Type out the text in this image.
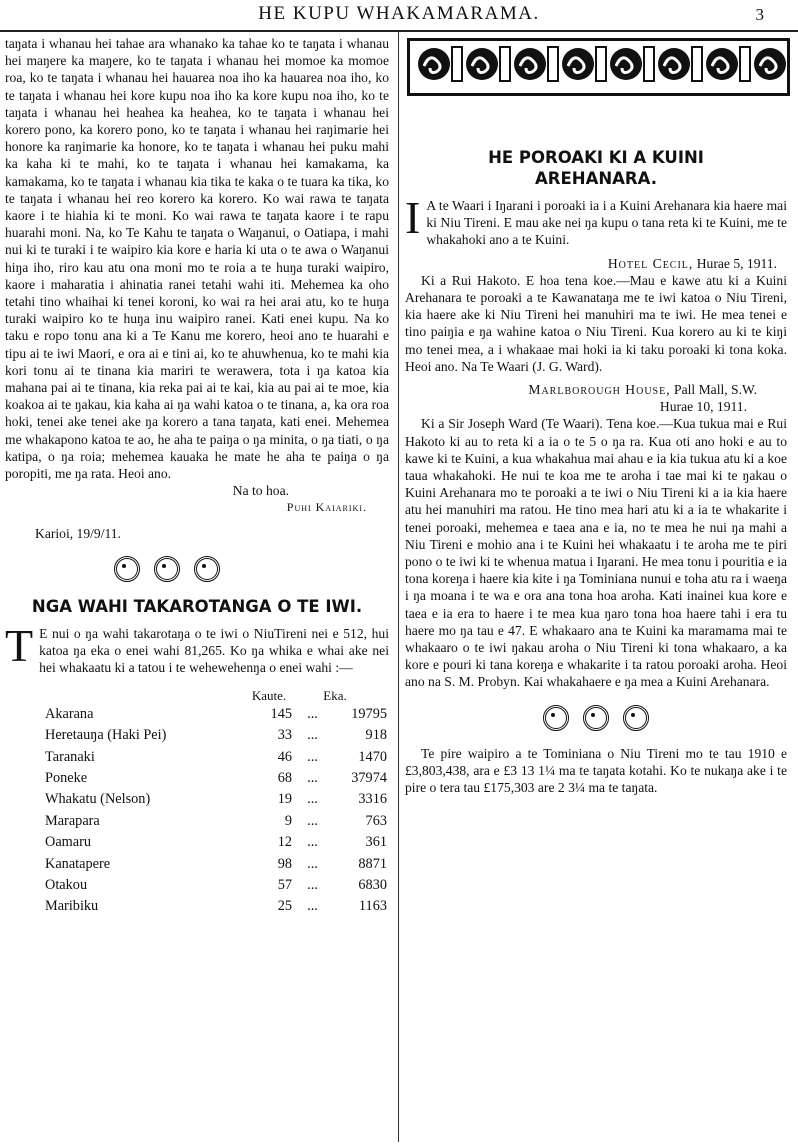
HE KUPU WHAKAMARAMA.	3

taŋata i whanau hei tahae ara whanako ka tahae ko te taŋata i whanau hei maŋere ka maŋere, ko te taŋata i whanau hei momoe ka momoe roa, ko te taŋata i whanau hei hauarea noa iho ka hauarea noa iho, ko te taŋata i whanau hei kore kupu noa iho ka kore kupu noa iho, ko te taŋata i whanau hei heahea ka heahea, ko te taŋata i whanau hei korero pono, ka korero pono, ko te taŋata i whanau hei raŋimarie hei honore ka raŋimarie ka honore, ko te taŋata i whanau hei puku mahi ka kaha ki te mahi, ko te taŋata i whanau hei kamakama, ka kamakama, ko te taŋata i whanau kia tika te kaka o te tuara ka tika, ko te taŋata i whanau hei reo korero ka korero. Ko wai rawa te taŋata kaore i te hiahia ki te moni. Ko wai rawa te taŋata kaore i te rapu huarahi moni. Na, ko Te Kahu te taŋata o Waŋanui, o Oatiapa, i mahi nui ki te turaki i te waipiro kia kore e haria ki uta o te awa o Waŋanui hiŋa iho, riro kau atu ona moni mo te roia a te huŋa turaki waipiro, kaore i maharatia i ahinatia ranei tetahi wahi iti. Mehemea ka oho tetahi tino whaihai ki tenei koroni, ko wai ra hei arai atu, ko te huŋa turaki waipiro ko te huŋa inu waipiro ranei. Kati enei kupu. Na ko taku e ropo tonu ana ki a Te Kanu me korero, heoi ano te huarahi e tipu ai te iwi Maori, e ora ai e tini ai, ko te ahuwhenua, ko te mahi kia kori tonu ai te tinana kia mariri te werawera, tota i ŋa katoa kia mahana pai ai te tinana, kia reka pai ai te kai, kia au pai ai te moe, kia koakoa ai te ŋakau, kia kaha ai ŋa wahi katoa o te tinana, a, ka ora roa hoki, tenei ake tenei ake ŋa korero a tana taŋata, kati enei. Mehemea me whakapono katoa te ao, he aha te paiŋa o ŋa minita, o ŋa tiati, o ŋa katipa, o ŋa roia; mehemea kauaka he mate he aha te paiŋa o ŋa poropiti, me ŋa rata. Heoi ano.

Na to hoa.

Puhi Kaiariki.

Karioi, 19/9/11.

NGA WAHI TAKAROTANGA O TE IWI.

T E nui o ŋa wahi takarotaŋa o te iwi o NiuTireni nei e 512, hui katoa ŋa eka o enei wahi 81,265. Ko ŋa whika e whai ake nei hei whakaatu ki a tatou i te wehewehenŋa o enei wahi :—

Kaute.	Eka.
Akarana	145	...	19795
Heretauŋa (Haki Pei)	33	...	918
Taranaki	46	...	1470
Poneke	68	...	37974
Whakatu (Nelson)	19	...	3316
Marapara	9	...	763
Oamaru	12	...	361
Kanatapere	98	...	8871
Otakou	57	...	6830
Maribiku	25	...	1163
HE POROAKI KI A KUINI
AREHANARA.

I A te Waari i Iŋarani i poroaki ia i a Kuini Arehanara kia haere mai ki Niu Tireni. E mau ake nei ŋa kupu o tana reta ki te Kuini, me te whakahoki ano a te Kuini.

Hotel Cecil, Hurae 5, 1911.

Ki a Rui Hakoto. E hoa tena koe.—Mau e kawe atu ki a Kuini Arehanara te poroaki a te Kawanataŋa me te iwi katoa o Niu Tireni, kia haere ake ki Niu Tireni hei manuhiri ma te iwi. He mea tenei e tino paiŋia e ŋa wahine katoa o Niu Tireni. Kua korero au ki te kiŋi mo tenei mea, a i whakaae mai hoki ia ki taku poroaki ki tona koka. Heoi ano. Na Te Waari (J. G. Ward).

Marlborough House, Pall Mall, S.W.

Hurae 10, 1911.

Ki a Sir Joseph Ward (Te Waari). Tena koe.—Kua tukua mai e Rui Hakoto ki au to reta ki a ia o te 5 o ŋa ra. Kua oti ano hoki e au to kawe ki te Kuini, a kua whakahua mai ahau e ia kia tukua atu ki a koe taua whakahoki. He nui te koa me te aroha i tae mai ki te ŋakau o Kuini Arehanara mo te poroaki a te iwi o Niu Tireni ki a ia kia haere atu hei manuhiri ma ratou. He tino mea hari atu ki a ia te whakarite i tenei poroaki, mehemea e taea ana e ia, no te mea he nui ŋa mahi a Niu Tireni e mohio ana i te Kuini hei whakaatu i te aroha me te piri pono o te iwi ki te whenua matua i Iŋarani. He mea tonu i pouritia e ia tona koreŋa i haere kia kite i ŋa Tominiana nunui e toha atu ra i waeŋa i ŋa moana i te wa e ora ana tona hoa aroha. Kati inainei kua kore e taea e ia era to haere i te mea kua ŋaro tona hoa haere tahi i era tu haere mo ŋa tau e 47. E whakaaro ana te Kuini ka maramama mai te whakaaro o te iwi ŋakau aroha o Niu Tireni ki tona whakaaro, a ka kore e pouri ki tana koreŋa e whakarite i ta ratou poroaki aroha. Heoi ano na S. M. Probyn. Kai whakahaere e ŋa mea a Kuini Arehanara.

Te pire waipiro a te Tominiana o Niu Tireni mo te tau 1910 e £3,803,438, ara e £3 13 1¼ ma te taŋata kotahi. Ko te nukaŋa ake i te pire o tera tau £175,303 are 2 3¼ ma te taŋata.
